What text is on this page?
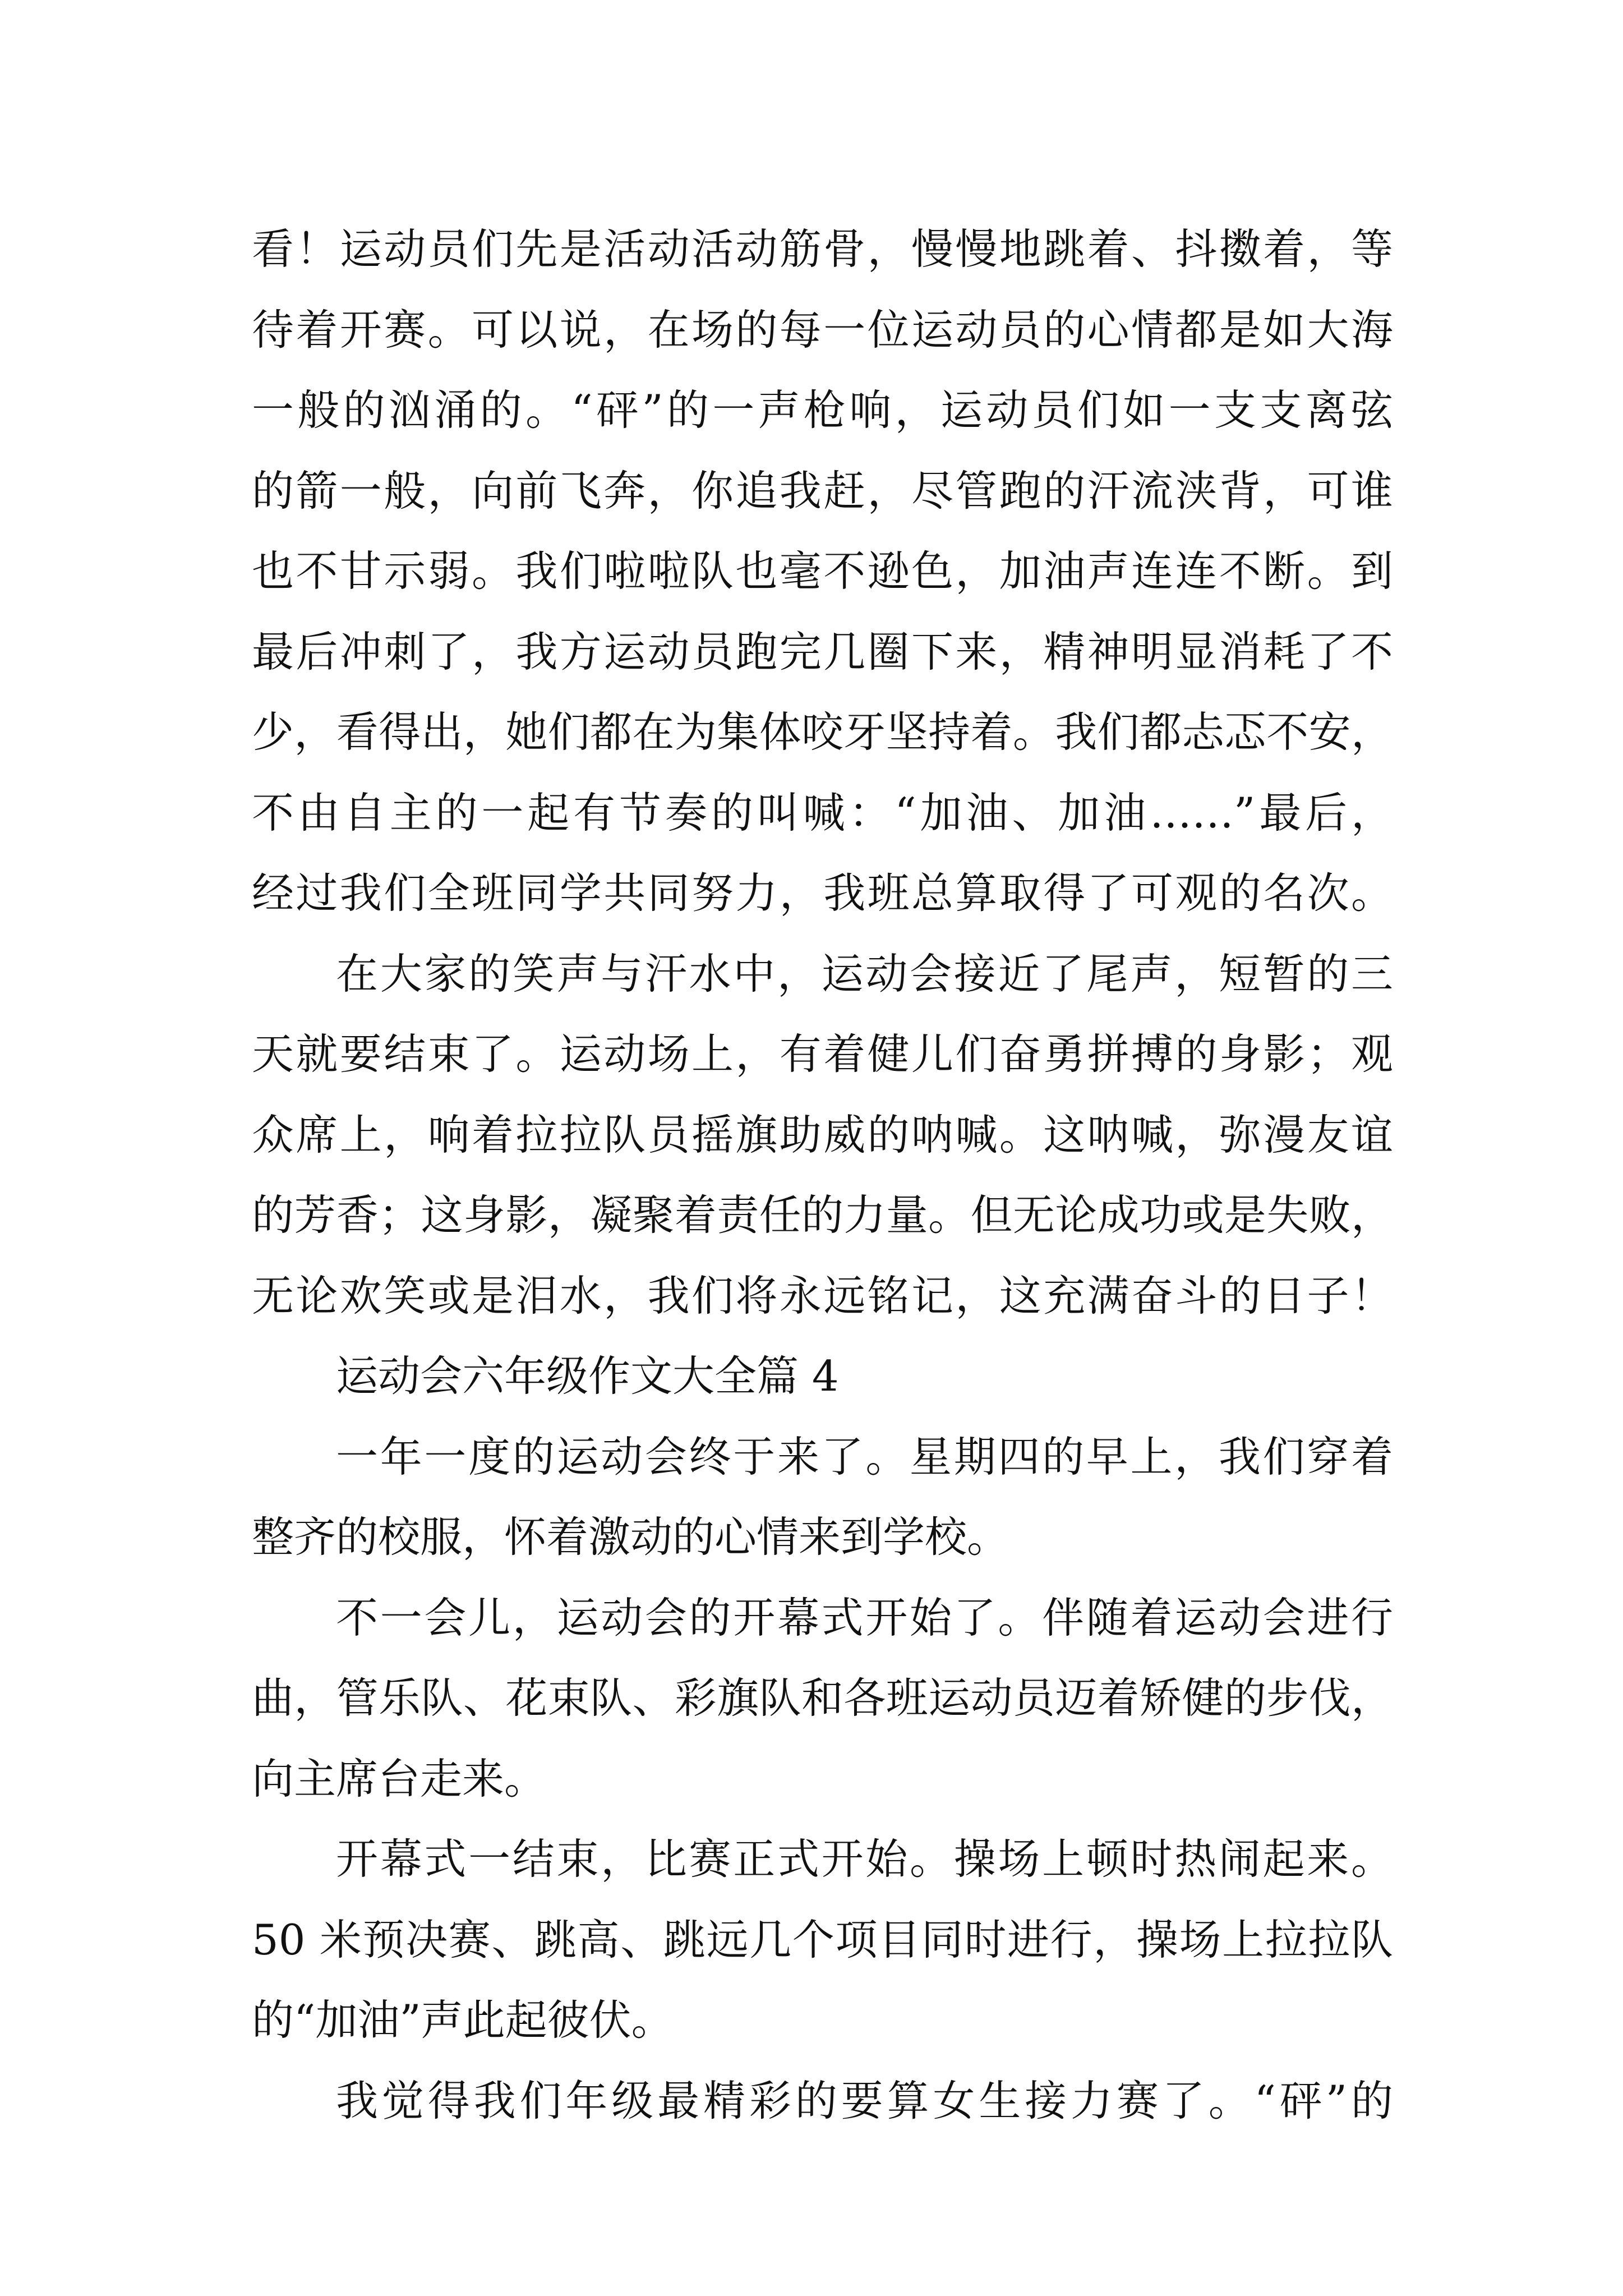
看！运动员们先是活动活动筋骨，慢慢地跳着、抖擞着，等
待着开赛。可以说，在场的每一位运动员的心情都是如大海
一般的汹涌的。“砰”的一声枪响，运动员们如一支支离弦
的箭一般，向前飞奔，你追我赶，尽管跑的汗流浃背，可谁
也不甘示弱。我们啦啦队也毫不逊色，加油声连连不断。到
最后冲刺了，我方运动员跑完几圈下来，精神明显消耗了不
少，看得出，她们都在为集体咬牙坚持着。我们都忐忑不安，
不由自主的一起有节奏的叫喊：“加油、加油……”最后，
经过我们全班同学共同努力，我班总算取得了可观的名次。
在大家的笑声与汗水中，运动会接近了尾声，短暂的三
天就要结束了。运动场上，有着健儿们奋勇拼搏的身影；观
众席上，响着拉拉队员摇旗助威的呐喊。这呐喊，弥漫友谊
的芳香；这身影，凝聚着责任的力量。但无论成功或是失败，
无论欢笑或是泪水，我们将永远铭记，这充满奋斗的日子！
运动会六年级作文大全篇 4
一年一度的运动会终于来了。星期四的早上，我们穿着
整齐的校服，怀着激动的心情来到学校。
不一会儿，运动会的开幕式开始了。伴随着运动会进行
曲，管乐队、花束队、彩旗队和各班运动员迈着矫健的步伐，
向主席台走来。
开幕式一结束，比赛正式开始。操场上顿时热闹起来。
50 米预决赛、跳高、跳远几个项目同时进行，操场上拉拉队
的“加油”声此起彼伏。
我觉得我们年级最精彩的要算女生接力赛了。“砰”的
